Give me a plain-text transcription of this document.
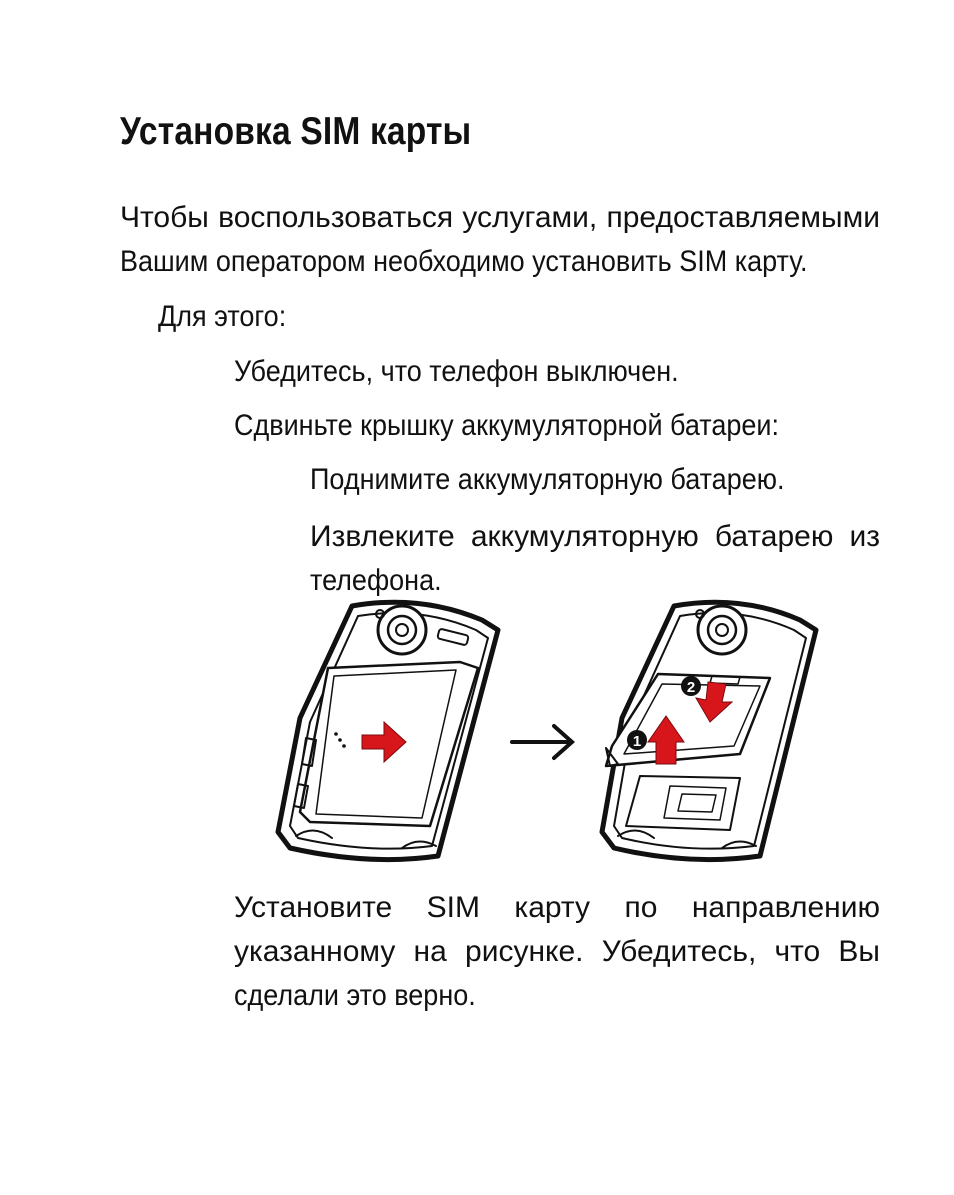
Установка SIM карты
Чтобы воспользоваться услугами, предоставляемыми
Вашим оператором необходимо установить SIM карту.
Для этого:
Убедитесь, что телефон выключен.
Сдвиньте крышку аккумуляторной батареи:
Поднимите аккумуляторную батарею.
Извлеките аккумуляторную батарею из
телефона.
1
2
Установите SIM карту по направлению
указанному на рисунке. Убедитесь, что Вы
сделали это верно.
